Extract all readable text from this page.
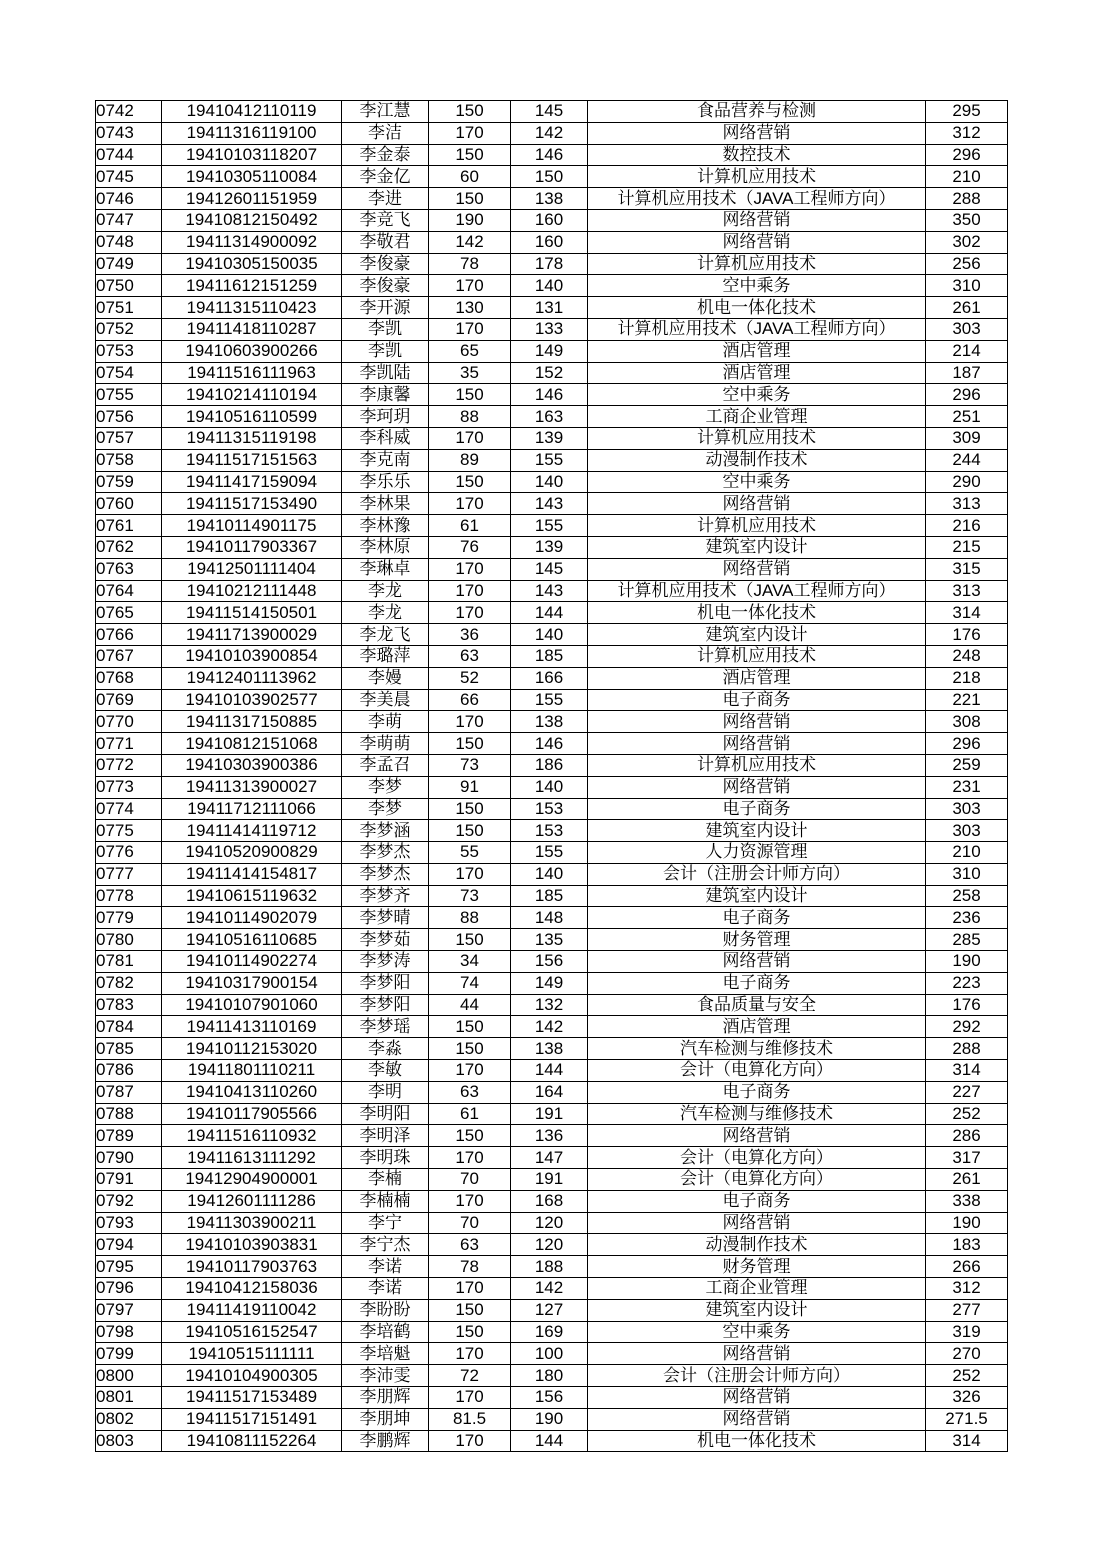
0742	19410412110119	李江慧	150	145	食品营养与检测	295
0743	19411316119100	李洁	170	142	网络营销	312
0744	19410103118207	李金泰	150	146	数控技术	296
0745	19410305110084	李金亿	60	150	计算机应用技术	210
0746	19412601151959	李进	150	138	计算机应用技术（JAVA工程师方向）	288
0747	19410812150492	李竞飞	190	160	网络营销	350
0748	19411314900092	李敬君	142	160	网络营销	302
0749	19410305150035	李俊豪	78	178	计算机应用技术	256
0750	19411612151259	李俊豪	170	140	空中乘务	310
0751	19411315110423	李开源	130	131	机电一体化技术	261
0752	19411418110287	李凯	170	133	计算机应用技术（JAVA工程师方向）	303
0753	19410603900266	李凯	65	149	酒店管理	214
0754	19411516111963	李凯陆	35	152	酒店管理	187
0755	19410214110194	李康馨	150	146	空中乘务	296
0756	19410516110599	李珂玥	88	163	工商企业管理	251
0757	19411315119198	李科威	170	139	计算机应用技术	309
0758	19411517151563	李克南	89	155	动漫制作技术	244
0759	19411417159094	李乐乐	150	140	空中乘务	290
0760	19411517153490	李林果	170	143	网络营销	313
0761	19410114901175	李林豫	61	155	计算机应用技术	216
0762	19410117903367	李林原	76	139	建筑室内设计	215
0763	19412501111404	李琳卓	170	145	网络营销	315
0764	19410212111448	李龙	170	143	计算机应用技术（JAVA工程师方向）	313
0765	19411514150501	李龙	170	144	机电一体化技术	314
0766	19411713900029	李龙飞	36	140	建筑室内设计	176
0767	19410103900854	李璐萍	63	185	计算机应用技术	248
0768	19412401113962	李嫚	52	166	酒店管理	218
0769	19410103902577	李美晨	66	155	电子商务	221
0770	19411317150885	李萌	170	138	网络营销	308
0771	19410812151068	李萌萌	150	146	网络营销	296
0772	19410303900386	李孟召	73	186	计算机应用技术	259
0773	19411313900027	李梦	91	140	网络营销	231
0774	19411712111066	李梦	150	153	电子商务	303
0775	19411414119712	李梦涵	150	153	建筑室内设计	303
0776	19410520900829	李梦杰	55	155	人力资源管理	210
0777	19411414154817	李梦杰	170	140	会计（注册会计师方向）	310
0778	19410615119632	李梦齐	73	185	建筑室内设计	258
0779	19410114902079	李梦晴	88	148	电子商务	236
0780	19410516110685	李梦茹	150	135	财务管理	285
0781	19410114902274	李梦涛	34	156	网络营销	190
0782	19410317900154	李梦阳	74	149	电子商务	223
0783	19410107901060	李梦阳	44	132	食品质量与安全	176
0784	19411413110169	李梦瑶	150	142	酒店管理	292
0785	19410112153020	李淼	150	138	汽车检测与维修技术	288
0786	19411801110211	李敏	170	144	会计（电算化方向）	314
0787	19410413110260	李明	63	164	电子商务	227
0788	19410117905566	李明阳	61	191	汽车检测与维修技术	252
0789	19411516110932	李明泽	150	136	网络营销	286
0790	19411613111292	李明珠	170	147	会计（电算化方向）	317
0791	19412904900001	李楠	70	191	会计（电算化方向）	261
0792	19412601111286	李楠楠	170	168	电子商务	338
0793	19411303900211	李宁	70	120	网络营销	190
0794	19410103903831	李宁杰	63	120	动漫制作技术	183
0795	19410117903763	李诺	78	188	财务管理	266
0796	19410412158036	李诺	170	142	工商企业管理	312
0797	19411419110042	李盼盼	150	127	建筑室内设计	277
0798	19410516152547	李培鹤	150	169	空中乘务	319
0799	19410515111111	李培魁	170	100	网络营销	270
0800	19410104900305	李沛雯	72	180	会计（注册会计师方向）	252
0801	19411517153489	李朋辉	170	156	网络营销	326
0802	19411517151491	李朋坤	81.5	190	网络营销	271.5
0803	19410811152264	李鹏辉	170	144	机电一体化技术	314
